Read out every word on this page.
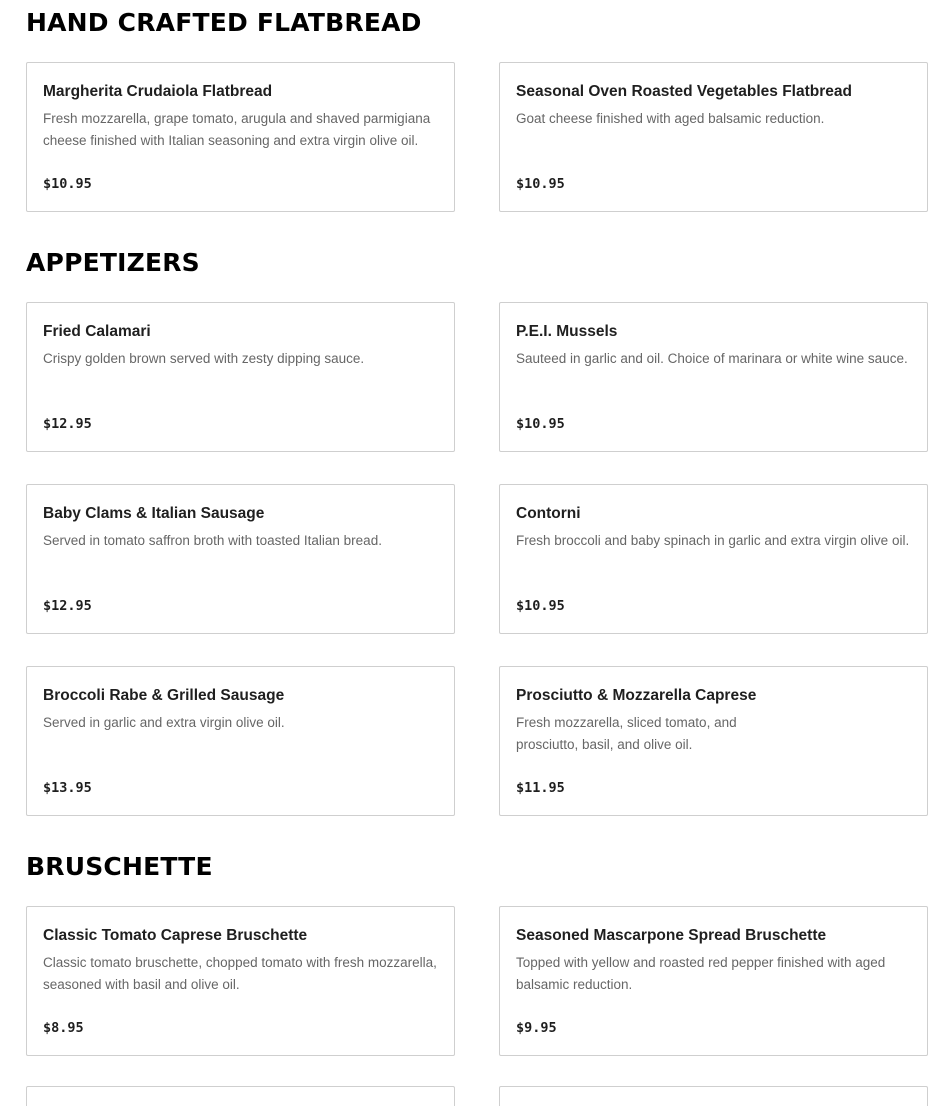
HAND CRAFTED FLATBREAD
Margherita Crudaiola Flatbread
Fresh mozzarella, grape tomato, arugula and shaved parmigiana cheese finished with Italian seasoning and extra virgin olive oil.
$10.95
Seasonal Oven Roasted Vegetables Flatbread
Goat cheese finished with aged balsamic reduction.
$10.95
APPETIZERS
Fried Calamari
Crispy golden brown served with zesty dipping sauce.
$12.95
P.E.I. Mussels
Sauteed in garlic and oil. Choice of marinara or white wine sauce.
$10.95
Baby Clams & Italian Sausage
Served in tomato saffron broth with toasted Italian bread.
$12.95
Contorni
Fresh broccoli and baby spinach in garlic and extra virgin olive oil.
$10.95
Broccoli Rabe & Grilled Sausage
Served in garlic and extra virgin olive oil.
$13.95
Prosciutto & Mozzarella Caprese
Fresh mozzarella, sliced tomato, and prosciutto, basil, and olive oil.
$11.95
BRUSCHETTE
Classic Tomato Caprese Bruschette
Classic tomato bruschette, chopped tomato with fresh mozzarella, seasoned with basil and olive oil.
$8.95
Seasoned Mascarpone Spread Bruschette
Topped with yellow and roasted red pepper finished with aged balsamic reduction.
$9.95
